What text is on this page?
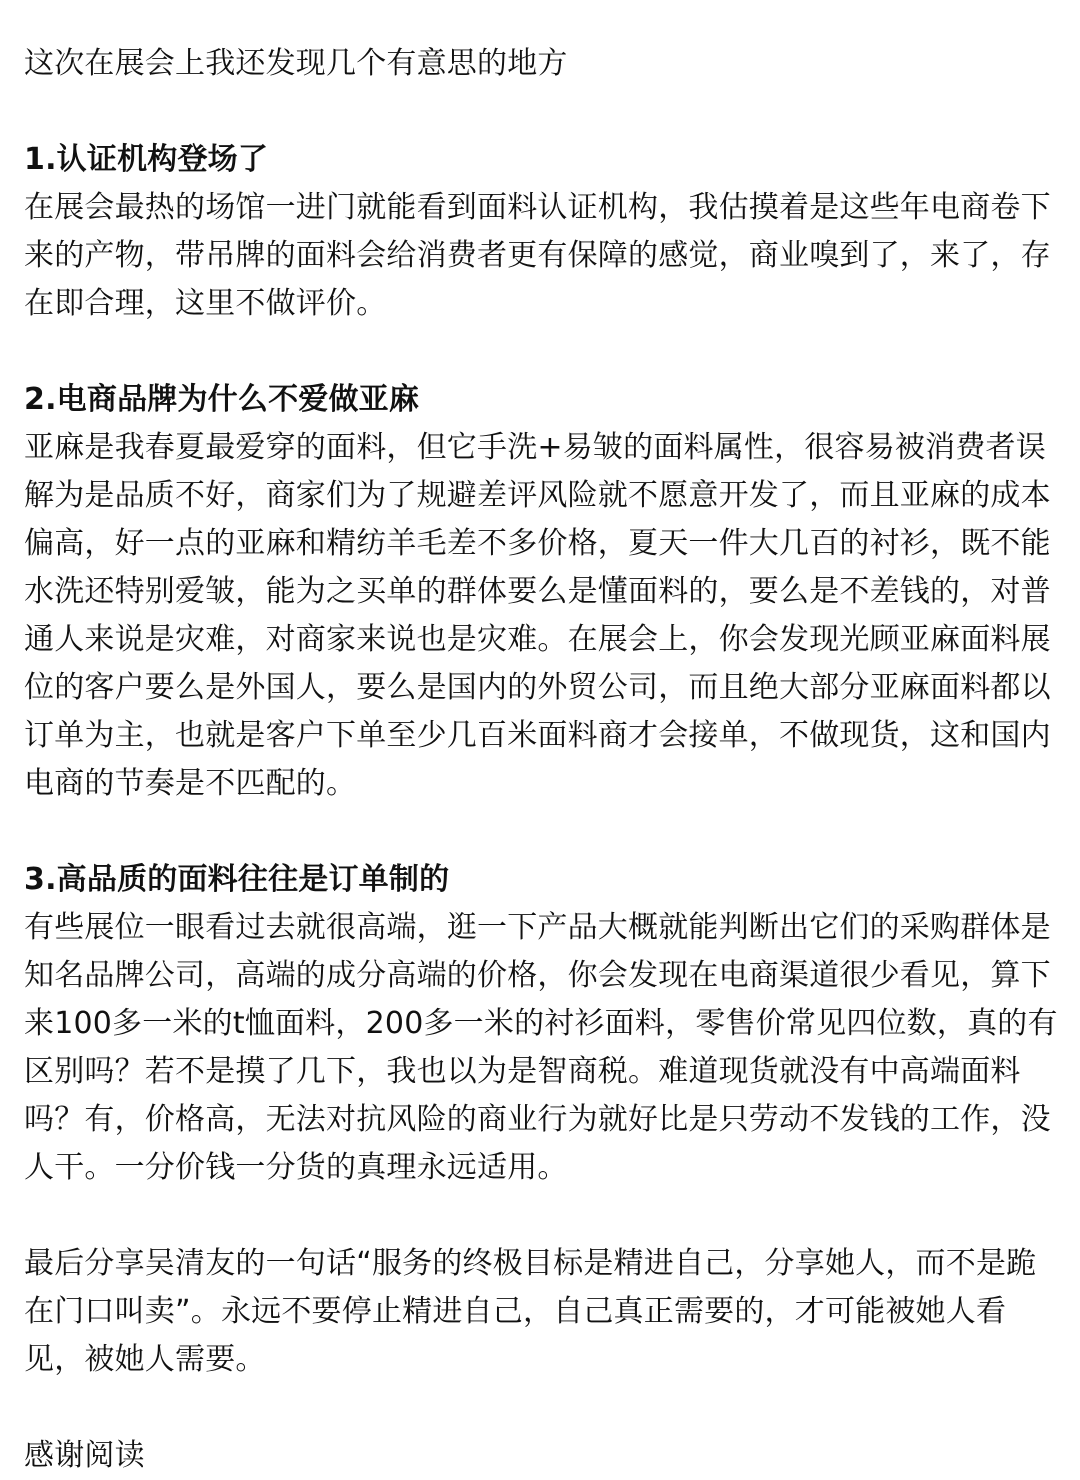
这次在展会上我还发现几个有意思的地方

1.认证机构登场了

在展会最热的场馆一进门就能看到面料认证机构，我估摸着是这些年电商卷下来的产物，带吊牌的面料会给消费者更有保障的感觉，商业嗅到了，来了，存在即合理，这里不做评价。

2.电商品牌为什么不爱做亚麻

亚麻是我春夏最爱穿的面料，但它手洗+易皱的面料属性，很容易被消费者误解为是品质不好，商家们为了规避差评风险就不愿意开发了，而且亚麻的成本偏高，好一点的亚麻和精纺羊毛差不多价格，夏天一件大几百的衬衫，既不能水洗还特别爱皱，能为之买单的群体要么是懂面料的，要么是不差钱的，对普通人来说是灾难，对商家来说也是灾难。在展会上，你会发现光顾亚麻面料展位的客户要么是外国人，要么是国内的外贸公司，而且绝大部分亚麻面料都以订单为主，也就是客户下单至少几百米面料商才会接单，不做现货，这和国内电商的节奏是不匹配的。

3.高品质的面料往往是订单制的

有些展位一眼看过去就很高端，逛一下产品大概就能判断出它们的采购群体是知名品牌公司，高端的成分高端的价格，你会发现在电商渠道很少看见，算下来100多一米的t恤面料，200多一米的衬衫面料，零售价常见四位数，真的有区别吗？若不是摸了几下，我也以为是智商税。难道现货就没有中高端面料吗？有，价格高，无法对抗风险的商业行为就好比是只劳动不发钱的工作，没人干。一分价钱一分货的真理永远适用。

最后分享吴清友的一句话“服务的终极目标是精进自己，分享她人，而不是跪在门口叫卖”。永远不要停止精进自己，自己真正需要的，才可能被她人看见，被她人需要。

感谢阅读
